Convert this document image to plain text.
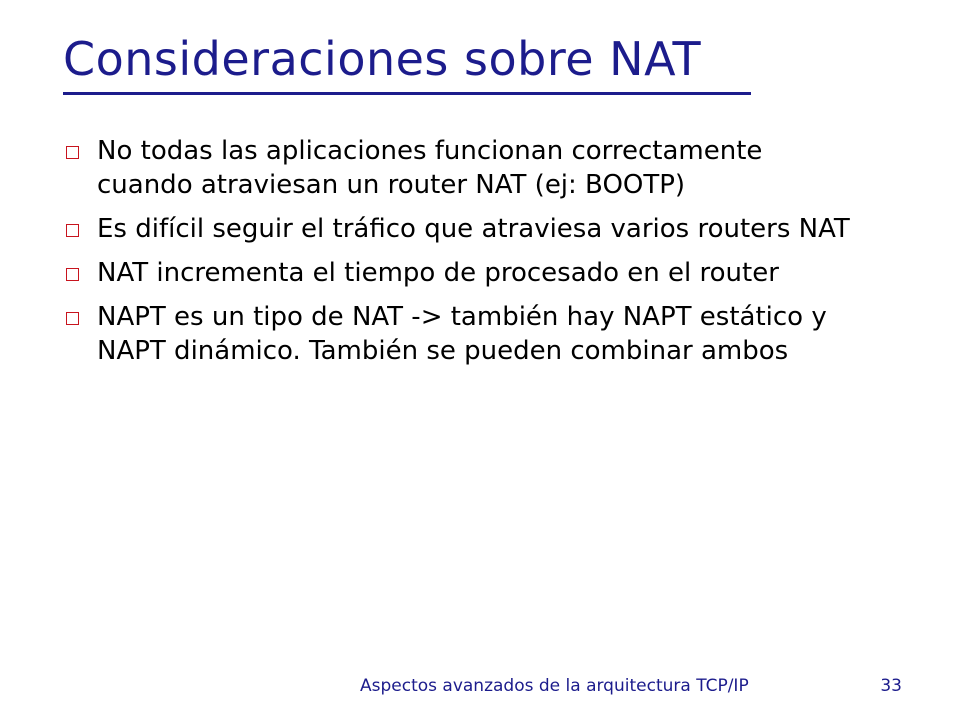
Consideraciones sobre NAT
No todas las aplicaciones funcionan correctamente cuando atraviesan un router NAT (ej: BOOTP)
Es difícil seguir el tráfico que atraviesa varios routers NAT
NAT incrementa el tiempo de procesado en el router
NAPT es un tipo de NAT -> también hay NAPT estático y NAPT dinámico. También se pueden combinar ambos
Aspectos avanzados de la arquitectura TCP/IP	33
